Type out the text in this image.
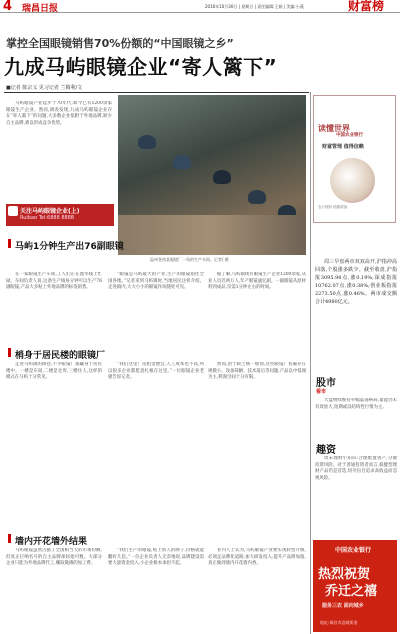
4 瑞昌日报	2016年10月30日 | 星期日 | 责任编辑:王娟 | 美编:小燕	财富榜
掌控全国眼镜销售70%份额的“中国眼镜之乡”
九成马屿眼镜企业“寄人篱下”
■记者 陈宗义 见习记者 兰腾利/文

马屿眼镜产业起步于70年代,如今已有1200余家眼镜生产企业。然而,调查发现,九成马屿眼镜企业存在“寄人篱下”的问题,大多数企业依附于外地品牌,缺少自主品牌,难以形成竞争优势。

温州苍南某眼镜厂一角的生产车间。记者/ 摄
关注马屿眼镜企业(上)
Ruibao Tel:6888 8888
马屿1分钟生产出76副眼镜
梢身于居民楼的眼镜厂
墙内开花墙外结果

“眼镜是马屿最大的产业,生产的眼镜销往全国各地。”记者来到马屿镇时,当地居民这样介绍。走进镇内,大大小小的眼镜作坊随处可见。

据了解,马屿镇现有眼镜生产企业1200余家,从业人员近两万人,年产眼镜逾亿副。一副眼镜从原材料到成品,仅需1分钟左右的时间。

在一家眼镜生产车间,工人们正在流水线上忙碌。车间负责人说,这条生产线每分钟可以生产76副眼镜,产品大多贴上外地品牌的标签销售。

走进马屿镇的街巷,不少眼镜厂都藏身于居民楼中。一楼是车间,二楼是仓库,三楼住人,这样的模式在马屿十分常见。

“我们这里厂房租金便宜,人工成本也不高,所以很多企业都愿意扎根在这里。”一位眼镜企业老板告诉记者。

然而,由于缺乏统一规划,这些眼镜厂普遍存在规模小、设备简陋、技术落后等问题,产品以中低端为主,利润空间十分有限。

马屿眼镜虽然占据了全国相当大的市场份额,但真正打响名号的自主品牌却屈指可数。大部分企业只能为外地品牌代工,赚取微薄的加工费。

“我们生产的眼镜,贴上别人的牌子,价格就能翻好几倍。”一位企业负责人无奈地说,品牌建设需要大量资金投入,小企业根本承担不起。

业内人士认为,马屿眼镜产业要实现转型升级,必须走品牌化道路,加大研发投入,提升产品附加值,真正做到墙内开花墙内香。

读懂世界
中国农业银行
财富管理 值得信赖
农行理财 稳健增值

周三早盘两市双双高开,沪指冲高回落,个股涨多跌少。截至收盘,沪指报3095.98点,涨0.19%;深成指报10762.07点,涨0.38%;创业板指报2273.50点,涨0.46%。两市成交额合计4980亿元。

股市
看市

大盘继续维持窄幅震荡格局,量能仍未有效放大,短期或以结构性行情为主。

趣资

周末理财小知识:合理配置资产,分散投资风险。对于普通投资者而言,稳健型理财产品仍是首选,切勿盲目追求高收益而忽视风险。

中国农业银行
热烈祝贺
乔迁之禧
服务三农 面向城乡
地址:瑞昌市湓城街道
